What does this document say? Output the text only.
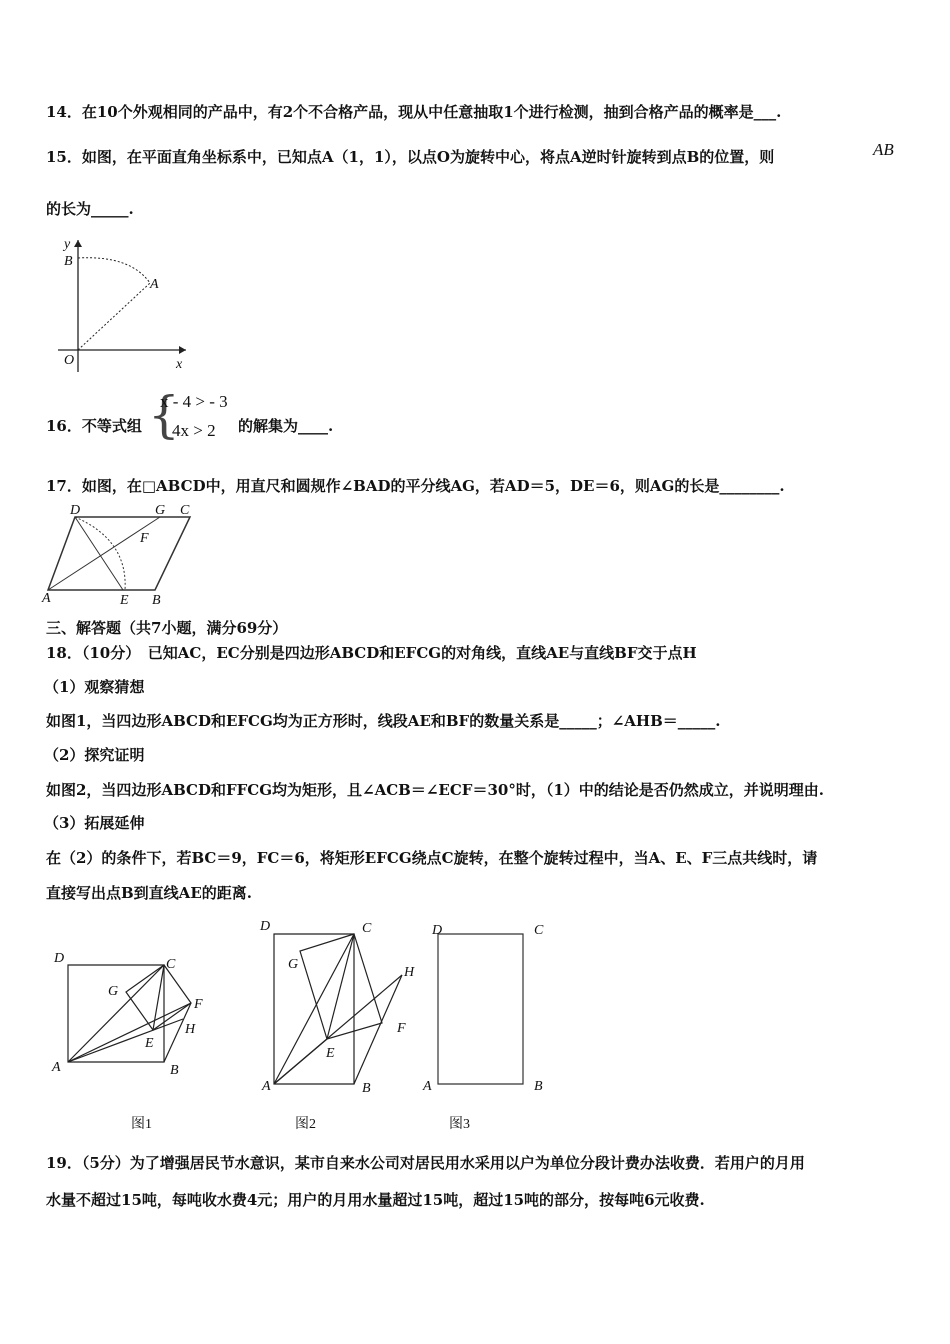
14．在10个外观相同的产品中，有2个不合格产品，现从中任意抽取1个进行检测，抽到合格产品的概率是___.
15．如图，在平面直角坐标系中，已知点A（1，1），以点O为旋转中心，将点A逆时针旋转到点B的位置，则	AB
的长为_____.
y
B
A
O	x
16．不等式组 {
x - 4 > - 3
4x > 2 的解集为____.
17．如图，在□ABCD中，用直尺和圆规作∠BAD的平分线AG，若AD＝5，DE＝6，则AG的长是________.
D	G C
F
A	E B
三、解答题（共7小题，满分69分）
18．（10分）　已知AC，EC分别是四边形ABCD和EFCG的对角线，直线AE与直线BF交于点H
（1）观察猜想
如图1，当四边形ABCD和EFCG均为正方形时，线段AE和BF的数量关系是_____；∠AHB＝_____.
（2）探究证明
如图2，当四边形ABCD和FFCG均为矩形，且∠ACB＝∠ECF＝30°时，（1）中的结论是否仍然成立，并说明理由.
（3）拓展延伸
在（2）的条件下，若BC＝9，FC＝6，将矩形EFCG绕点C旋转，在整个旋转过程中，当A、E、F三点共线时，请
直接写出点B到直线AE的距离.
D	C
G
F
H
E
A	B
D	C
G
H
F
E
A	B
D	C
A	B
图1	图2	图3
19．（5分）为了增强居民节水意识，某市自来水公司对居民用水采用以户为单位分段计费办法收费．若用户的月用
水量不超过15吨，每吨收水费4元；用户的月用水量超过15吨，超过15吨的部分，按每吨6元收费.
